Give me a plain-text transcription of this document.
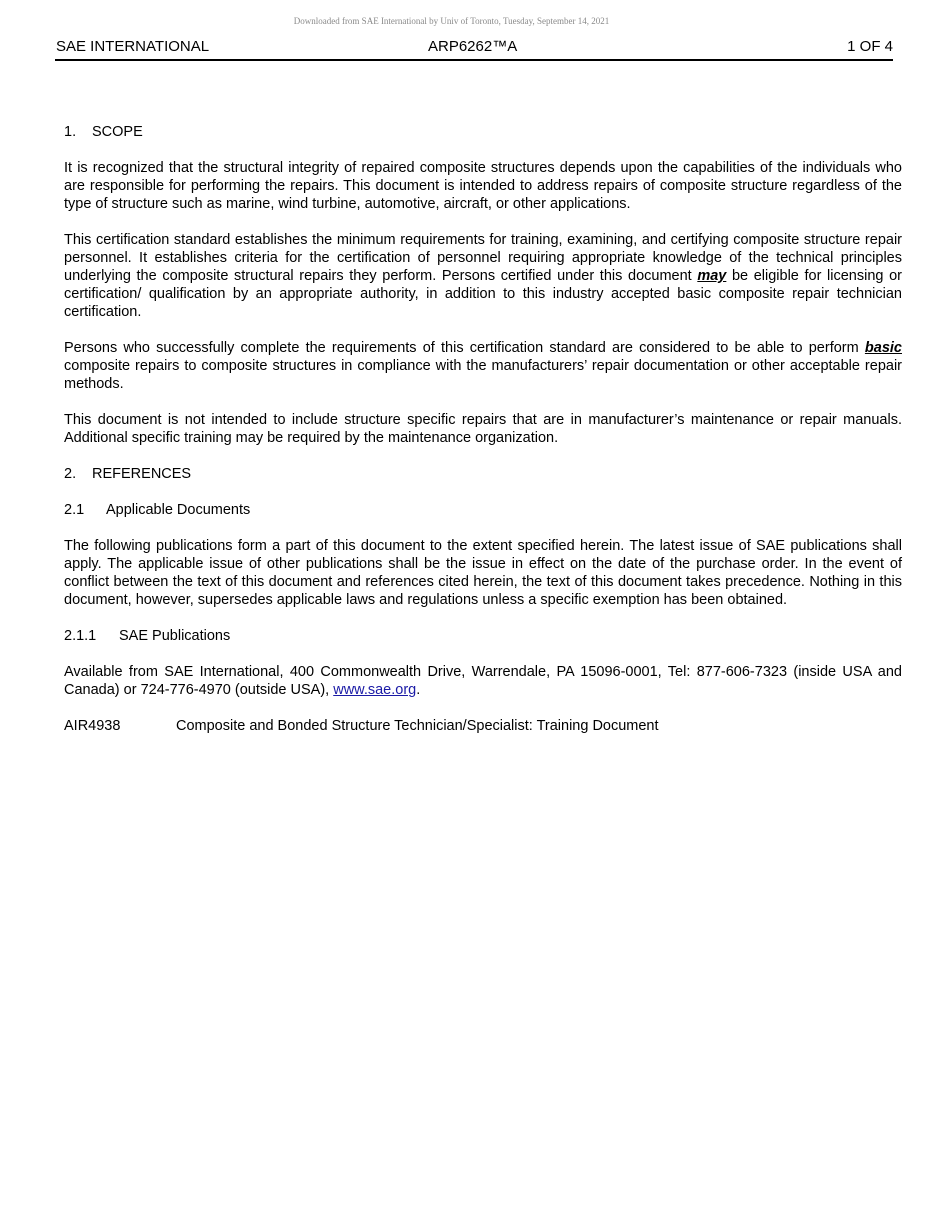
Downloaded from SAE International by Univ of Toronto, Tuesday, September 14, 2021
SAE INTERNATIONAL	ARP6262™A	1 OF 4
1. SCOPE

It is recognized that the structural integrity of repaired composite structures depends upon the capabilities of the individuals who are responsible for performing the repairs. This document is intended to address repairs of composite structure regardless of the type of structure such as marine, wind turbine, automotive, aircraft, or other applications.

This certification standard establishes the minimum requirements for training, examining, and certifying composite structure repair personnel. It establishes criteria for the certification of personnel requiring appropriate knowledge of the technical principles underlying the composite structural repairs they perform. Persons certified under this document may be eligible for licensing or certification/ qualification by an appropriate authority, in addition to this industry accepted basic composite repair technician certification.

Persons who successfully complete the requirements of this certification standard are considered to be able to perform basic composite repairs to composite structures in compliance with the manufacturers’ repair documentation or other acceptable repair methods.

This document is not intended to include structure specific repairs that are in manufacturer’s maintenance or repair manuals. Additional specific training may be required by the maintenance organization.

2. REFERENCES
2.1 Applicable Documents

The following publications form a part of this document to the extent specified herein. The latest issue of SAE publications shall apply. The applicable issue of other publications shall be the issue in effect on the date of the purchase order. In the event of conflict between the text of this document and references cited herein, the text of this document takes precedence. Nothing in this document, however, supersedes applicable laws and regulations unless a specific exemption has been obtained.

2.1.1 SAE Publications

Available from SAE International, 400 Commonwealth Drive, Warrendale, PA 15096-0001, Tel: 877-606-7323 (inside USA and Canada) or 724-776-4970 (outside USA), www.sae.org.

AIR4938	Composite and Bonded Structure Technician/Specialist: Training Document
